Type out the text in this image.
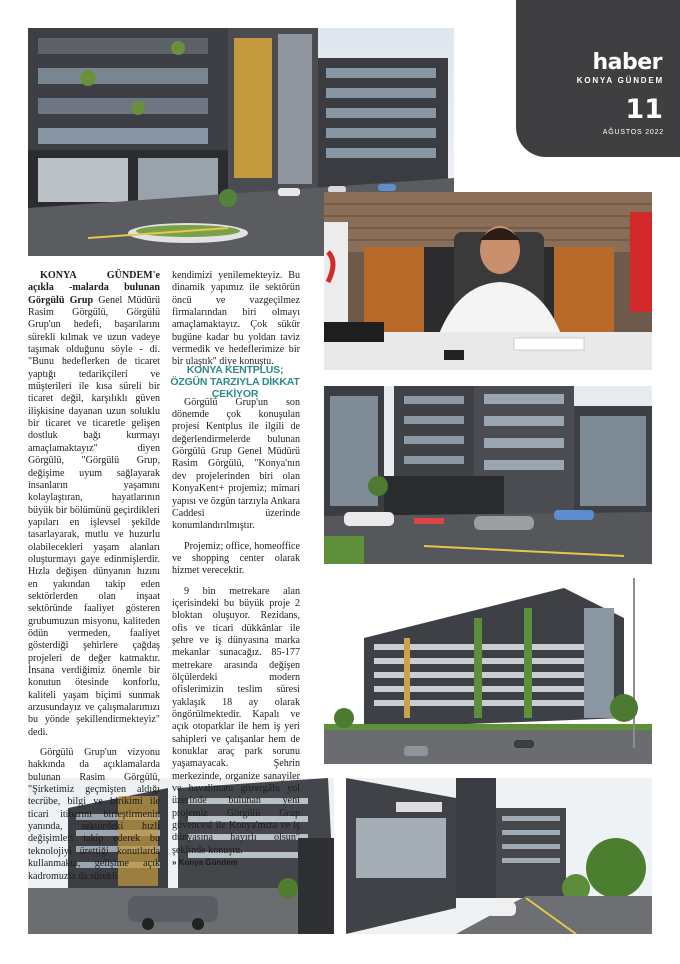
haber
KONYA GÜNDEM
11
AĞUSTOS 2022

KONYA GÜNDEM'e açıkla -malarda bulunan Görgülü Grup Genel Müdürü Rasim Görgülü, Görgülü Grup'un hedefi, başarılarını sürekli kılmak ve uzun vadeye taşımak olduğunu söyle - di. "Bunu hedeflerken de ticaret yaptığı tedarikçileri ve müşterileri ile kısa süreli bir ticaret değil, karşılıklı güven ilişkisine dayanan uzun soluklu bir ticaret ve ticaretle gelişen dostluk bağı kurmayı amaçlamaktayız" diyen Görgülü, "Görgülü Grup, değişime uyum sağlayarak insanların yaşamını kolaylaştıran, hayatlarının büyük bir bölümünü geçirdikleri yapıları en işlevsel şekilde tasarlayarak, mutlu ve huzurlu olabilecekleri yaşam alanları oluşturmayı gaye edinmişlerdir. Hızla değişen dünyanın hızını en yakından takip eden sektörlerden olan inşaat sektöründe faaliyet gösteren grubumuzun misyonu, kaliteden ödün vermeden, faaliyet gösterdiği şehirlere çağdaş projeleri de değer katmaktır. İnsana verdiğimiz önemle bir konutun ötesinde konforlu, kaliteli yaşam biçimi sunmak arzusundayız ve çalışmalarımızı bu yönde şekillendirmekteyiz" dedi.

Görgülü Grup'un vizyonu hakkında da açıklamalarda bulunan Rasim Görgülü, "Şirketimiz geçmişten aldığı tecrübe, bilgi ve birikimi ile ticari itibarını birleştirmenin yanında, sektördeki hızlı değişimleri takip ederek bu teknolojiyi ürettiği konutlarda kullanmakta, gelişime açık kadromuzla da sürekli

kendimizi yenilemekteyiz. Bu dinamik yapımız ile sektörün öncü ve vazgeçilmez firmalarından biri olmayı amaçlamaktayız. Çok sükür bugüne kadar bu yoldan taviz vermedik ve hedeflerimize bir bir ulaştık" diye konuştu.

Görgülü Grup'un son dönemde çok konuşulan projesi Kentplus ile ilgili de değerlendirmelerde bulunan Görgülü Grup Genel Müdürü Rasim Görgülü, "Konya'nın dev projelerinden biri olan KonyaKent+ projemiz; mimari yapısı ve özgün tarzıyla Ankara Caddesi üzerinde konumlandırılmıştır.

Projemiz; office, homeoffice ve shopping center olarak hizmet verecektir.

9 bin metrekare alan içerisindeki bu büyük proje 2 bloktan oluşuyor. Rezidans, ofis ve ticari dükkânlar ile şehre ve iş dünyasına marka mekanlar sunacağız. 85-177 metrekare arasında değişen ölçülerdeki modern ofislerimizin teslim süresi yaklaşık 18 ay olarak öngörülmektedir. Kapalı ve açık otoparklar ile hem iş yeri sahipleri ve çalışanlar hem de konuklar araç park sorunu yaşamayacak. Şehrin merkezinde, organize sanayiler ve havalimanı güzergâhı yol üzerinde bulunan yeni projemiz Görgülü Grup güvencesi ile Konya'mıza ve iş dünyasına hayırlı olsun" şeklinde konuştu.

» Konya Gündem
KONYA KENTPLUS; ÖZGÜN TARZIYLA DİKKAT ÇEKİYOR
